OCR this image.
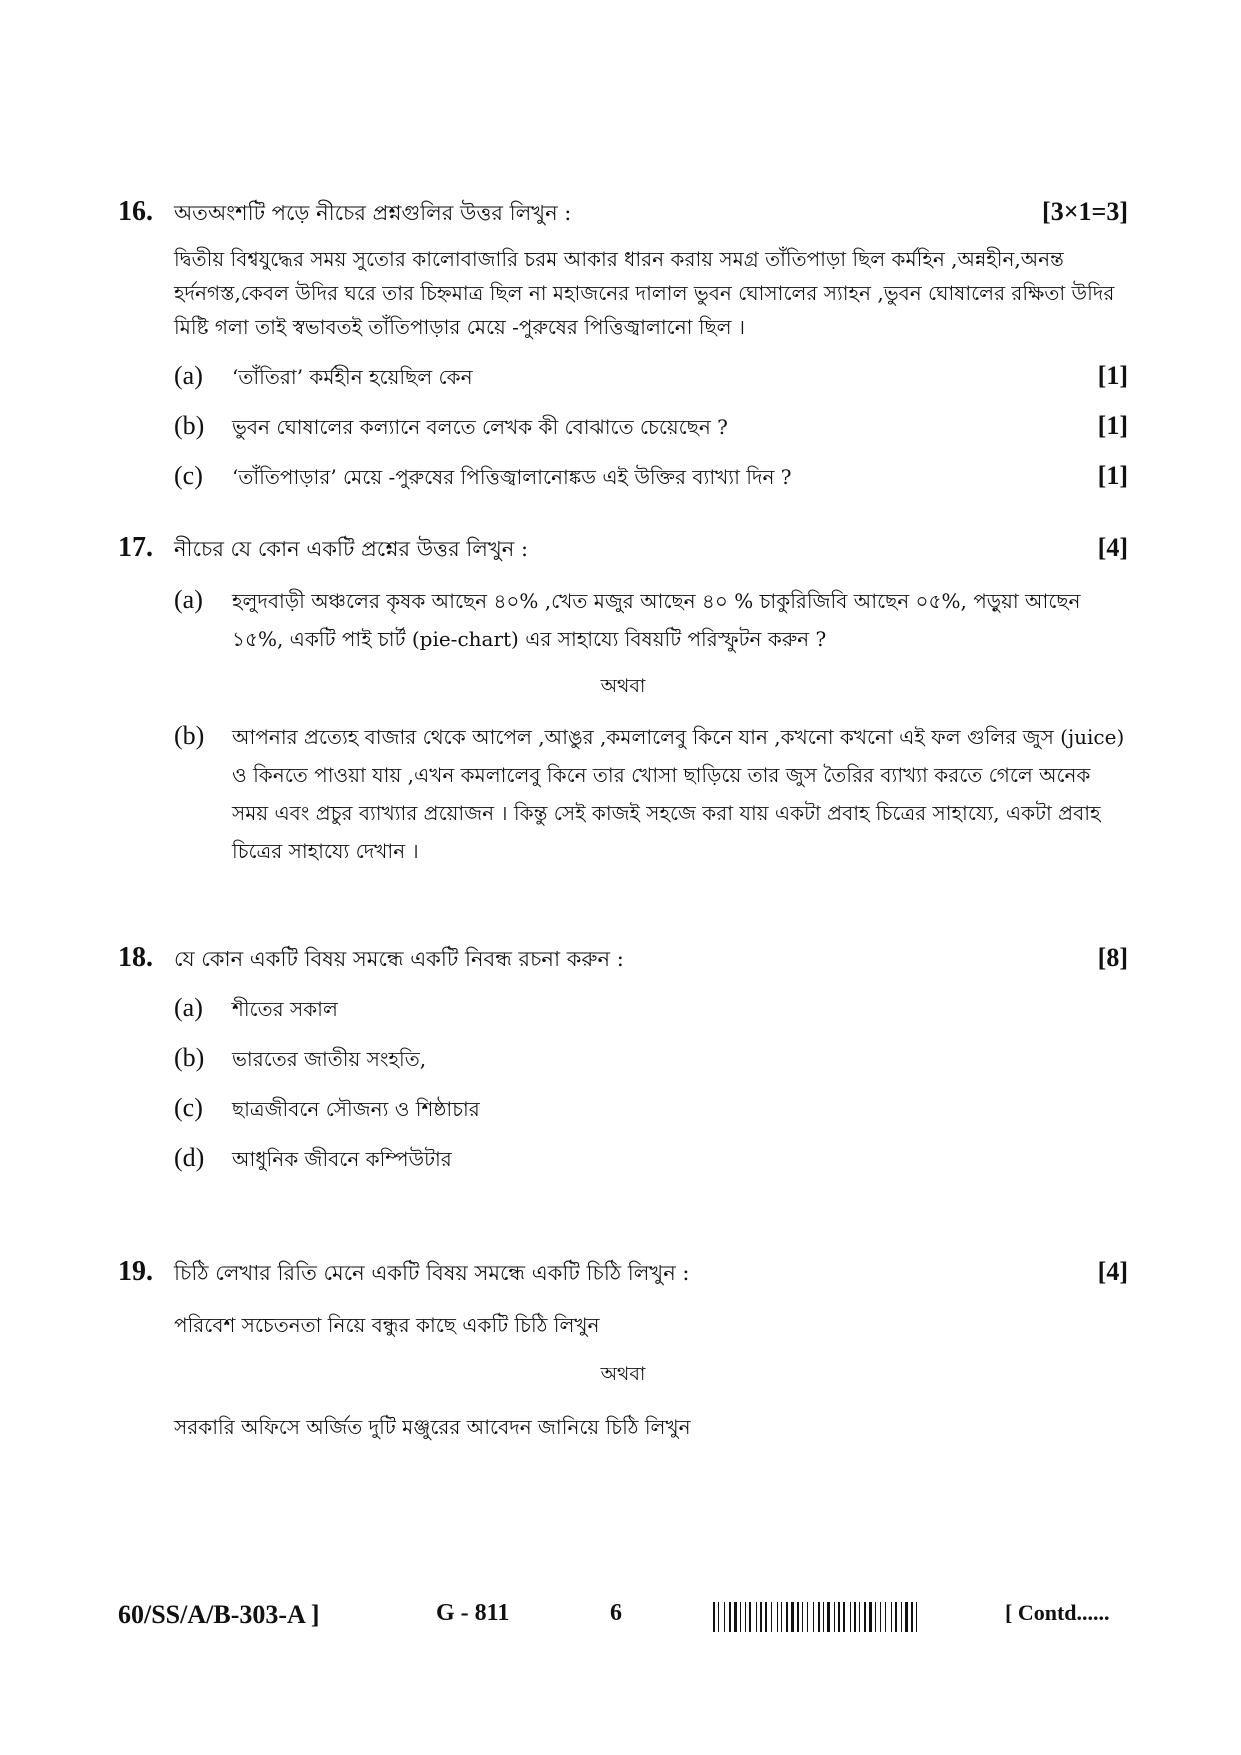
16.	অতঅংশটি পড়ে নীচের প্রশ্নগুলির উত্তর লিখুন :	[3×1=3]
দ্বিতীয় বিশ্বযুদ্ধের সময় সুতোর কালোবাজারি চরম আকার ধারন করায় সমগ্র তাঁতিপাড়া ছিল কর্মহিন ,অন্নহীন,অনন্ত হর্দনগস্ত,কেবল উদির ঘরে তার চিহ্নমাত্র ছিল না মহাজনের দালাল ভুবন ঘোসালের স্যাহন ,ভুবন ঘোষালের রক্ষিতা উদির মিষ্টি গলা তাই স্বভাবতই তাঁতিপাড়ার মেয়ে -পুরুষের পিত্তিজ্বালানো ছিল ।
(a)	‘তাঁতিরা’ কর্মহীন হয়েছিল কেন	[1]
(b)	ভুবন ঘোষালের কল্যানে বলতে লেখক কী বোঝাতে চেয়েছেন ?	[1]
(c)	‘তাঁতিপাড়ার’ মেয়ে -পুরুষের পিত্তিজ্বালানোঙ্কড এই উক্তির ব্যাখ্যা দিন ?	[1]
17.	নীচের যে কোন একটি প্রশ্নের উত্তর লিখুন :	[4]
(a)	হলুদবাড়ী অঞ্চলের কৃষক আছেন ৪০% ,খেত মজুর আছেন ৪০ % চাকুরিজিবি আছেন ০৫%, পড়ুয়া আছেন ১৫%, একটি পাই চার্ট (pie-chart) এর সাহায্যে বিষয়টি পরিস্ফুটন করুন ?
অথবা
(b)	আপনার প্রত্যেহ বাজার থেকে আপেল ,আঙুর ,কমলালেবু কিনে যান ,কখনো কখনো এই ফল গুলির জুস (juice) ও কিনতে পাওয়া যায় ,এখন কমলালেবু কিনে তার খোসা ছাড়িয়ে তার জুস তৈরির ব্যাখ্যা করতে গেলে অনেক সময় এবং প্রচুর ব্যাখ্যার প্রয়োজন । কিন্তু সেই কাজই সহজে করা যায় একটা প্রবাহ চিত্রের সাহায্যে, একটা প্রবাহ চিত্রের সাহায্যে দেখান ।
18.	যে কোন একটি বিষয় সমন্ধে একটি নিবন্ধ রচনা করুন :	[8]
(a)	শীতের সকাল
(b)	ভারতের জাতীয় সংহতি,
(c)	ছাত্রজীবনে সৌজন্য ও শিষ্ঠাচার
(d)	আধুনিক জীবনে কম্পিউটার
19.	চিঠি লেখার রিতি মেনে একটি বিষয় সমন্ধে একটি চিঠি লিখুন :	[4]
পরিবেশ সচেতনতা নিয়ে বন্ধুর কাছে একটি চিঠি লিখুন
অথবা
সরকারি অফিসে অর্জিত দুটি মঞ্জুরের আবেদন জানিয়ে চিঠি লিখুন
60/SS/A/B-303-A ]	G - 811	6	[ Contd......
